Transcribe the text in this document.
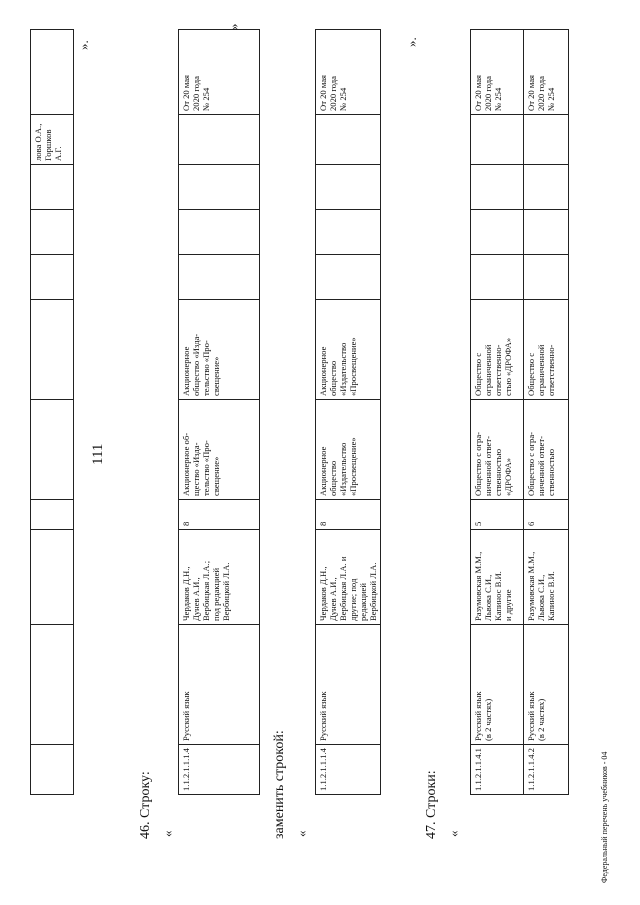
111
									лова О.А.,
Горшков
А.Г.	
».
46. Строку: «
1.1.2.1.1.1.4	Русский язык	Чердаков Д.Н.,
Дунев А.И.,
Вербицкая Л.А.;
под редакцией
Вербицкой Л.А.	8	Акционерное об-
щество «Изда-
тельство «Про-
свещение»	Акционерное
общество «Изда-
тельство «Про-
свещение»					От 20 мая
2020 года
№ 254
»
заменить строкой: «
1.1.2.1.1.1.4	Русский язык	Чердаков Д.Н.,
Дунев А.И.,
Вербицкая Л.А. и
другие; под
редакцией
Вербицкой Л.А.	8	Акционерное
общество
«Издательство
«Просвещение»	Акционерное
общество
«Издательство
«Просвещение»					От 20 мая
2020 года
№ 254
».
47. Строки: «
1.1.2.1.1.4.1	Русский язык
(в 2 частях)	Разумовская М.М.,
Львова С.И.,
Капинос В.И.
и другие	5	Общество с огра-
ниченной ответ-
ственностью
«ДРОФА»	Общество с
ограниченной
ответственно-
стью «ДРОФА»					От 20 мая
2020 года
№ 254
1.1.2.1.1.4.2	Русский язык
(в 2 частях)	Разумовская М.М.,
Львова С.И.,
Капинос В.И.	6	Общество с огра-
ниченной ответ-
ственностью	Общество с
ограниченной
ответственно-					От 20 мая
2020 года
№ 254
Федеральный перечень учебников - 04
